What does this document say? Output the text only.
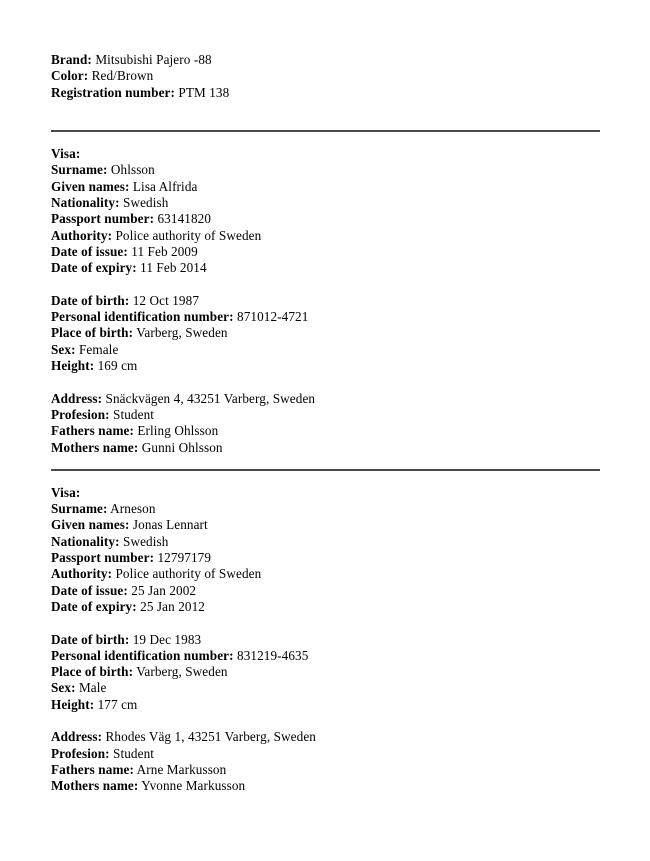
Brand: Mitsubishi Pajero -88
Color: Red/Brown
Registration number: PTM 138
Visa:
Surname: Ohlsson
Given names: Lisa Alfrida
Nationality: Swedish
Passport number: 63141820
Authority: Police authority of Sweden
Date of issue: 11 Feb 2009
Date of expiry: 11 Feb 2014
Date of birth: 12 Oct 1987
Personal identification number: 871012-4721
Place of birth: Varberg, Sweden
Sex: Female
Height: 169 cm
Address: Snäckvägen 4, 43251 Varberg, Sweden
Profesion: Student
Fathers name: Erling Ohlsson
Mothers name: Gunni Ohlsson
Visa:
Surname: Arneson
Given names: Jonas Lennart
Nationality: Swedish
Passport number: 12797179
Authority: Police authority of Sweden
Date of issue: 25 Jan 2002
Date of expiry: 25 Jan 2012
Date of birth: 19 Dec 1983
Personal identification number: 831219-4635
Place of birth: Varberg, Sweden
Sex: Male
Height: 177 cm
Address: Rhodes Väg 1, 43251 Varberg, Sweden
Profesion: Student
Fathers name: Arne Markusson
Mothers name: Yvonne Markusson
